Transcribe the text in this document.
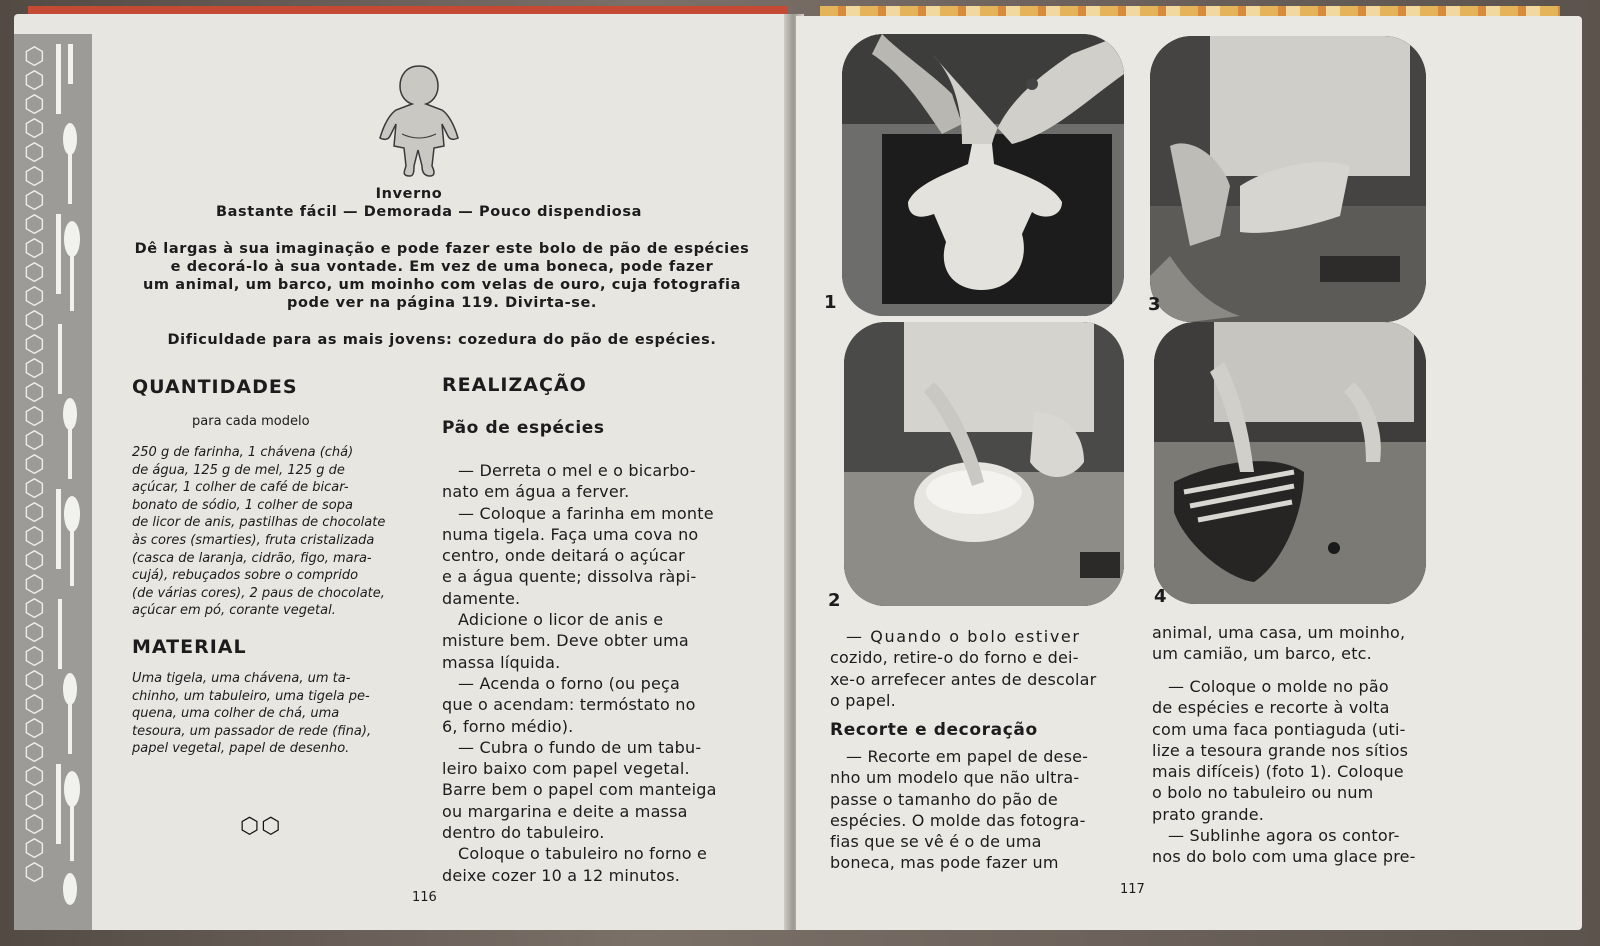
⬡
⬡
⬡
⬡
⬡
⬡
⬡
⬡
⬡
⬡
⬡
⬡
⬡
⬡
⬡
⬡
⬡
⬡
⬡
⬡
⬡
⬡
⬡
⬡
⬡
⬡
⬡
⬡
⬡
⬡
⬡
⬡
⬡
⬡
⬡
Inverno
Bastante fácil — Demorada — Pouco dispendiosa
Dê largas à sua imaginação e pode fazer este bolo de pão de espécies
e decorá-lo à sua vontade. Em vez de uma boneca, pode fazer
um animal, um barco, um moinho com velas de ouro, cuja fotografia
pode ver na página 119. Divirta-se.
Dificuldade para as mais jovens: cozedura do pão de espécies.
QUANTIDADES
para cada modelo

250 g de farinha, 1 chávena (chá)

de água, 125 g de mel, 125 g de

açúcar, 1 colher de café de bicar-

bonato de sódio, 1 colher de sopa

de licor de anis, pastilhas de chocolate

às cores (smarties), fruta cristalizada

(casca de laranja, cidrão, figo, mara-

cujá), rebuçados sobre o comprido

(de várias cores), 2 paus de chocolate,

açúcar em pó, corante vegetal.

MATERIAL

Uma tigela, uma chávena, um ta-

chinho, um tabuleiro, uma tigela pe-

quena, uma colher de chá, uma

tesoura, um passador de rede (fina),

papel vegetal, papel de desenho.

⬡⬡
REALIZAÇÃO
Pão de espécies

— Derreta o mel e o bicarbo-

nato em água a ferver.

— Coloque a farinha em monte

numa tigela. Faça uma cova no

centro, onde deitará o açúcar

e a água quente; dissolva ràpi-

damente.

Adicione o licor de anis e

misture bem. Deve obter uma

massa líquida.

— Acenda o forno (ou peça

que o acendam: termóstato no

6, forno médio).

— Cubra o fundo de um tabu-

leiro baixo com papel vegetal.

Barre bem o papel com manteiga

ou margarina e deite a massa

dentro do tabuleiro.

Coloque o tabuleiro no forno e

deixe cozer 10 a 12 minutos.

116
1	3
2	4

— Quando o bolo estiver

cozido, retire-o do forno e dei-

xe-o arrefecer antes de descolar

o papel.

Recorte e decoração

— Recorte em papel de dese-

nho um modelo que não ultra-

passe o tamanho do pão de

espécies. O molde das fotogra-

fias que se vê é o de uma

boneca, mas pode fazer um

animal, uma casa, um moinho,

um camião, um barco, etc.

— Coloque o molde no pão

de espécies e recorte à volta

com uma faca pontiaguda (uti-

lize a tesoura grande nos sítios

mais difíceis) (foto 1). Coloque

o bolo no tabuleiro ou num

prato grande.

— Sublinhe agora os contor-

nos do bolo com uma glace pre-

117
